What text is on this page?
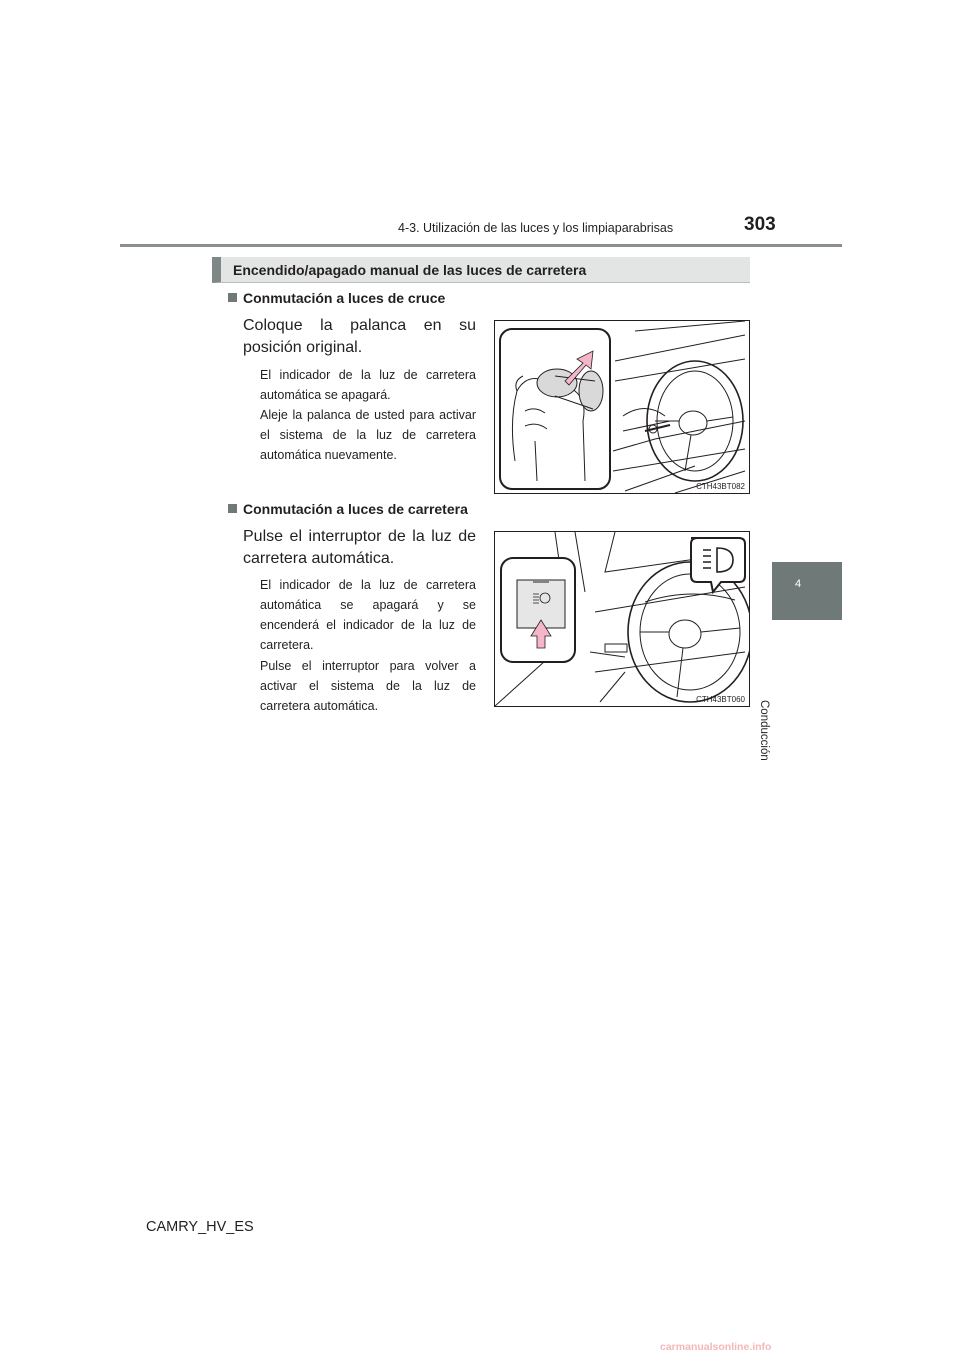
4-3. Utilización de las luces y los limpiaparabrisas	303
4
Conducción
Encendido/apagado manual de las luces de carretera
Conmutación a luces de cruce
Coloque la palanca en su posición original.
El indicador de la luz de carretera automática se apagará.
Aleje la palanca de usted para activar el sistema de la luz de carretera automática nuevamente.
CTH43BT082
Conmutación a luces de carretera
Pulse el interruptor de la luz de carretera automática.
El indicador de la luz de carretera automática se apagará y se encenderá el indicador de la luz de carretera.
Pulse el interruptor para volver a activar el sistema de la luz de carretera automática.	CTH43BT060
CAMRY_HV_ES
carmanualsonline.info
